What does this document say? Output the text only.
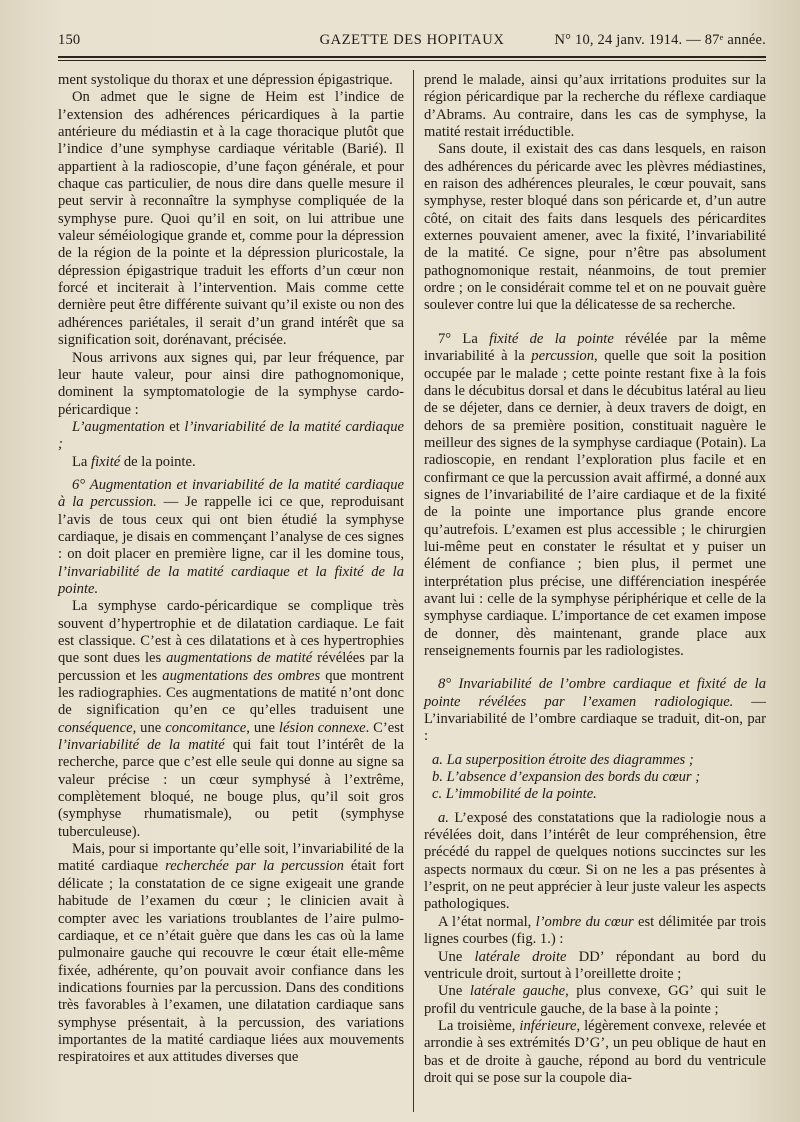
150	GAZETTE DES HOPITAUX	N° 10, 24 janv. 1914. — 87ᵉ année.

ment systolique du thorax et une dépression épigastrique.

On admet que le signe de Heim est l’indice de l’extension des adhérences péricardiques à la partie antérieure du médiastin et à la cage thoracique plutôt que l’indice d’une symphyse cardiaque véritable (Barié). Il appartient à la radioscopie, d’une façon générale, et pour chaque cas particulier, de nous dire dans quelle mesure il peut servir à reconnaître la symphyse compliquée de la symphyse pure. Quoi qu’il en soit, on lui attribue une valeur séméiologique grande et, comme pour la dépression de la région de la pointe et la dépression pluricostale, la dépression épigastrique traduit les efforts d’un cœur non forcé et inciterait à l’intervention. Mais comme cette dernière peut être différente suivant qu’il existe ou non des adhérences pariétales, il serait d’un grand intérêt que sa signification soit, dorénavant, précisée.

Nous arrivons aux signes qui, par leur fréquence, par leur haute valeur, pour ainsi dire pathognomonique, dominent la symptomatologie de la symphyse cardo-péricardique :

L’augmentation et l’invariabilité de la matité cardiaque ;

La fixité de la pointe.

6° Augmentation et invariabilité de la matité cardiaque à la percussion. — Je rappelle ici ce que, reproduisant l’avis de tous ceux qui ont bien étudié la symphyse cardiaque, je disais en commençant l’analyse de ces signes : on doit placer en première ligne, car il les domine tous, l’invariabilité de la matité cardiaque et la fixité de la pointe.

La symphyse cardo-péricardique se complique très souvent d’hypertrophie et de dilatation cardiaque. Le fait est classique. C’est à ces dilatations et à ces hypertrophies que sont dues les augmentations de matité révélées par la percussion et les augmentations des ombres que montrent les radiographies. Ces augmentations de matité n’ont donc de signification qu’en ce qu’elles traduisent une conséquence, une concomitance, une lésion connexe. C’est l’invariabilité de la matité qui fait tout l’intérêt de la recherche, parce que c’est elle seule qui donne au signe sa valeur précise : un cœur symphysé à l’extrême, complètement bloqué, ne bouge plus, qu’il soit gros (symphyse rhumatismale), ou petit (symphyse tuberculeuse).

Mais, pour si importante qu’elle soit, l’invariabilité de la matité cardiaque recherchée par la percussion était fort délicate ; la constatation de ce signe exigeait une grande habitude de l’examen du cœur ; le clinicien avait à compter avec les variations troublantes de l’aire pulmo-cardiaque, et ce n’était guère que dans les cas où la lame pulmonaire gauche qui recouvre le cœur était elle-même fixée, adhérente, qu’on pouvait avoir confiance dans les indications fournies par la percussion. Dans des conditions très favorables à l’examen, une dilatation cardiaque sans symphyse présentait, à la percussion, des variations importantes de la matité cardiaque liées aux mouvements respiratoires et aux attitudes diverses que

prend le malade, ainsi qu’aux irritations produites sur la région péricardique par la recherche du réflexe cardiaque d’Abrams. Au contraire, dans les cas de symphyse, la matité restait irréductible.

Sans doute, il existait des cas dans lesquels, en raison des adhérences du péricarde avec les plèvres médiastines, en raison des adhérences pleurales, le cœur pouvait, sans symphyse, rester bloqué dans son péricarde et, d’un autre côté, on citait des faits dans lesquels des péricardites externes pouvaient amener, avec la fixité, l’invariabilité de la matité. Ce signe, pour n’être pas absolument pathognomonique restait, néanmoins, de tout premier ordre ; on le considérait comme tel et on ne pouvait guère soulever contre lui que la délicatesse de sa recherche.

7° La fixité de la pointe révélée par la même invariabilité à la percussion, quelle que soit la position occupée par le malade ; cette pointe restant fixe à la fois dans le décubitus dorsal et dans le décubitus latéral au lieu de se déjeter, dans ce dernier, à deux travers de doigt, en dehors de sa première position, constituait naguère le meilleur des signes de la symphyse cardiaque (Potain). La radioscopie, en rendant l’exploration plus facile et en confirmant ce que la percussion avait affirmé, a donné aux signes de l’invariabilité de l’aire cardiaque et de la fixité de la pointe une importance plus grande encore qu’autrefois. L’examen est plus accessible ; le chirurgien lui-même peut en constater le résultat et y puiser un élément de confiance ; bien plus, il permet une interprétation plus précise, une différenciation inespérée avant lui : celle de la symphyse périphérique et celle de la symphyse cardiaque. L’importance de cet examen impose de donner, dès maintenant, grande place aux renseignements fournis par les radiologistes.

8° Invariabilité de l’ombre cardiaque et fixité de la pointe révélées par l’examen radiologique. — L’invariabilité de l’ombre cardiaque se traduit, dit-on, par :

a. La superposition étroite des diagrammes ;

b. L’absence d’expansion des bords du cœur ;

c. L’immobilité de la pointe.

a. L’exposé des constatations que la radiologie nous a révélées doit, dans l’intérêt de leur compréhension, être précédé du rappel de quelques notions succinctes sur les aspects normaux du cœur. Si on ne les a pas présentes à l’esprit, on ne peut apprécier à leur juste valeur les aspects pathologiques.

A l’état normal, l’ombre du cœur est délimitée par trois lignes courbes (fig. 1.) :

Une latérale droite DD’ répondant au bord du ventricule droit, surtout à l’oreillette droite ;

Une latérale gauche, plus convexe, GG’ qui suit le profil du ventricule gauche, de la base à la pointe ;

La troisième, inférieure, légèrement convexe, relevée et arrondie à ses extrémités D’G’, un peu oblique de haut en bas et de droite à gauche, répond au bord du ventricule droit qui se pose sur la coupole dia-
